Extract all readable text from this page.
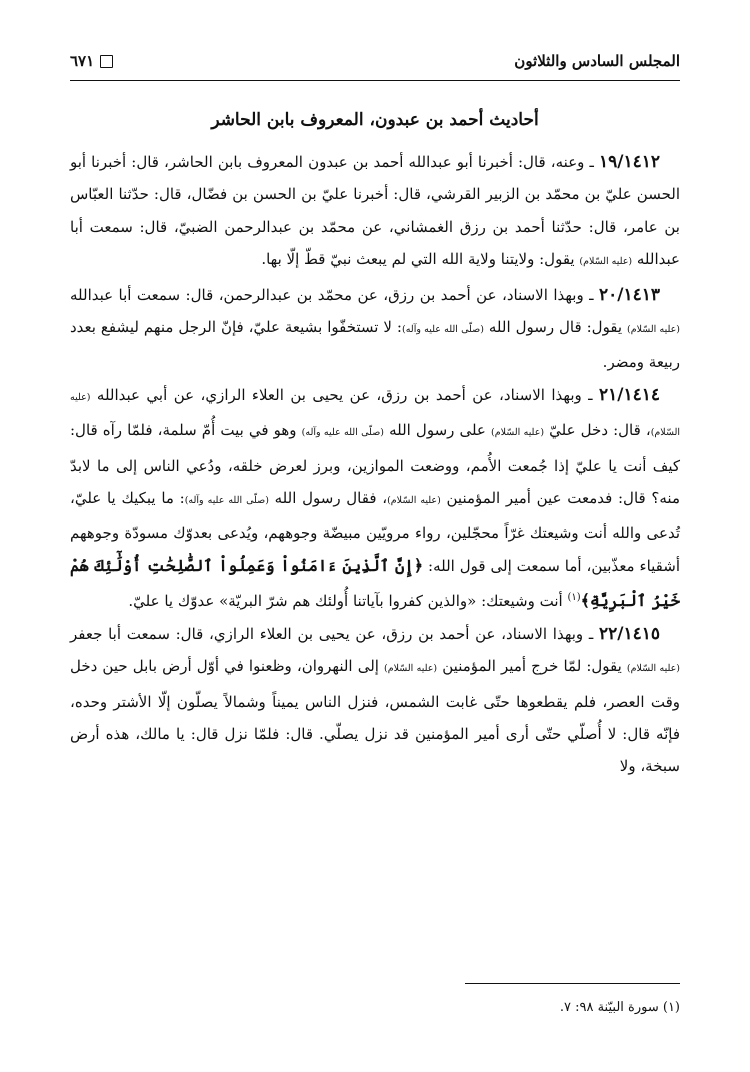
المجلس السادس والثلاثون
٦٧١
أحاديث أحمد بن عبدون، المعروف بابن الحاشر

١٩/١٤١٢ ـ وعنه، قال: أخبرنا أبو عبدالله أحمد بن عبدون المعروف بابن الحاشر، قال: أخبرنا أبو الحسن عليّ بن محمّد بن الزبير القرشي، قال: أخبرنا عليّ بن الحسن بن فضّال، قال: حدّثنا العبّاس بن عامر، قال: حدّثنا أحمد بن رزق الغمشاني، عن محمّد بن عبدالرحمن الضبيّ، قال: سمعت أبا عبدالله (عليه السّلام) يقول: ولايتنا ولاية الله التي لم يبعث نبيّ قطّ إلّا بها.

٢٠/١٤١٣ ـ وبهذا الاسناد، عن أحمد بن رزق، عن محمّد بن عبدالرحمن، قال: سمعت أبا عبدالله (عليه السّلام) يقول: قال رسول الله (صلّى الله عليه وآله): لا تستخفّوا بشيعة عليّ، فإنّ الرجل منهم ليشفع بعدد ربيعة ومضر.

٢١/١٤١٤ ـ وبهذا الاسناد، عن أحمد بن رزق، عن يحيى بن العلاء الرازي، عن أبي عبدالله (عليه السّلام)، قال: دخل عليّ (عليه السّلام) على رسول الله (صلّى الله عليه وآله) وهو في بيت أُمّ سلمة، فلمّا رآه قال: كيف أنت يا عليّ إذا جُمعت الأُمم، ووضعت الموازين، وبرز لعرض خلقه، ودُعي الناس إلى ما لابدّ منه؟ قال: فدمعت عين أمير المؤمنين (عليه السّلام)، فقال رسول الله (صلّى الله عليه وآله): ما يبكيك يا عليّ، تُدعى والله أنت وشيعتك غرّاً محجّلين، رواء مرويّين مبيضّة وجوههم، ويُدعى بعدوّك مسودّة وجوههم أشقياء معذّبين، أما سمعت إلى قول الله: ﴿إِنَّ ٱلَّذِينَ ءَامَنُواْ وَعَمِلُواْ ٱلصَّٰلِحَٰتِ أُوْلَٰٓئِكَ هُمْ خَيْرُ ٱلْبَرِيَّةِ﴾$^{(١)}$ أنت وشيعتك: «والذين كفروا بآياتنا أُولئك هم شرّ البريّة» عدوّك يا عليّ.

٢٢/١٤١٥ ـ وبهذا الاسناد، عن أحمد بن رزق، عن يحيى بن العلاء الرازي، قال: سمعت أبا جعفر (عليه السّلام) يقول: لمّا خرج أمير المؤمنين (عليه السّلام) إلى النهروان، وظعنوا في أوّل أرض بابل حين دخل وقت العصر، فلم يقطعوها حتّى غابت الشمس، فنزل الناس يميناً وشمالاً يصلّون إلّا الأشتر وحده، فإنّه قال: لا أُصلّي حتّى أرى أمير المؤمنين قد نزل يصلّي. قال: فلمّا نزل قال: يا مالك، هذه أرض سبخة، ولا

(١) سورة البيّنة ٩٨: ٧.
